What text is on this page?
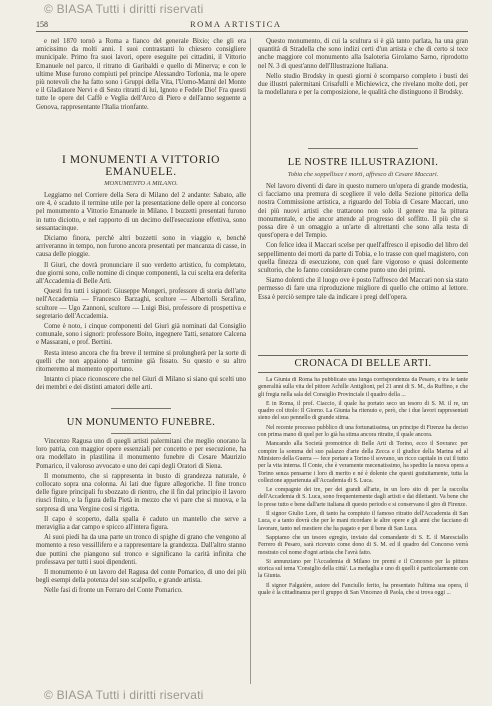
© BIASA Tutti i diritti riservati
158	ROMA ARTISTICA

e nel 1870 tornò a Roma a fianco del generale Bixio; che gli era amicissimo da molti anni. I suoi contrastanti lo chiesero consigliere municipale. Primo fra suoi lavori, opere eseguite pei cittadini, il Vittorio Emanuele nel parco, il ritratto di Garibaldi e quello di Minerva; e con le ultime Muse furono compiuti pel principe Alessandro Torlonia, ma le opere più notevoli che ha fatto sono i Gruppi della Vita, l'Uomo-Manni del Monte e il Gladiatore Nervi e di Sesto ritratti di lui, Ignoto e Fedele Dio! Fra questi tutte le opere del Caffè e Veglia dell'Arco di Piero e dell'anno seguente a Genova, rappresentante l'Italia trionfante.

I MONUMENTI A VITTORIO EMANUELE.
MONUMENTO A MILANO.

Leggiamo nel Corriere della Sera di Milano del 2 andante: Sabato, alle ore 4, è scaduto il termine utile per la presentazione delle opere al concorso pel monumento a Vittorio Emanuele in Milano. I bozzetti presentati furono in tutto diciotto, e nel rapporto di un decimo dell'esecuzione effettiva, sono sessantacinque.

Diciamo finora, perchè altri bozzetti sono in viaggio e, benchè arriveranno in tempo, non furono ancora presentati per mancanza di casse, in causa delle pioggie.

Il Giurì, che dovrà pronunciare il suo verdetto artistico, fu completato, due giorni sono, colle nomine di cinque componenti, la cui scelta era deferita all'Accademia di Belle Arti.

Questi fra tutti i signori: Giuseppe Mongeri, professore di storia dell'arte nell'Accademia — Francesco Barzaghi, scultore — Albertolli Serafino, scultore — Ugo Zannoni, scultore — Luigi Bisi, professore di prospettiva e segretario dell'Accademia.

Come è noto, i cinque componenti del Giurì già nominati dal Consiglio comunale, sono i signori: professore Boito, ingegnere Tatti, senatore Calcena e Massarani, e prof. Bertini.

Resta inteso ancora che fra breve il termine si prolungherà per la sorte di quelli che non appaiono al termine già fissato. Su questo e su altro ritorneremo al momento opportuno.

Intanto ci piace riconoscere che nel Giurì di Milano si siano qui scelti uno dei membri e dei distinti amatori delle arti.

UN MONUMENTO FUNEBRE.

Vincenzo Ragusa uno di quegli artisti palermitani che meglio onorano la loro patria, con maggior opere essenziali per concetto e per esecuzione, ha ora modellato in plastilina il monumento funebre di Cesare Maurizio Pomarico, il valoroso avvocato e uno dei capi degli Oratori di Siena.

Il monumento, che si rappresenta in busto di grandezza naturale, è collocato sopra una colonna. Ai lati due figure allegoriche. Il fine tronco delle figure principali fu sbozzato di rientro, che il fin dal principio il lavoro riuscì finito, e la figura della Pietà in mezzo che vi pare che si muova, e la sorpresa di una Vergine così si rigetta.

Il capo è scoperto, dalla spalla è caduto un mantello che serve a meraviglia a dar campo e spicco all'intera figura.

Ai suoi piedi ha da una parte un tronco di spighe di grano che vengono al momento a reso vessillifero e a rappresentare la grandezza. Dall'altro stanno due puttini che piangono sul tronco e significano la carità infinita che professava per tutti i suoi dipendenti.

Il monumento è un lavoro del Ragusa del conte Pomarico, di uno dei più begli esempi della potenza del suo scalpello, e grande artista.

Nelle fasi di fronte un Ferraro del Conte Pomarico.

Questo monumento, di cui la scultura si è già tanto parlata, ha una gran quantità di Stradella che sono indizi certi d'un artista e che di certo si tece anche maggiore col monumento alla Isaloteria Girolamo Sarno, riprodotto nel N. 3 di quest'anno dell'Illustrazione Italiana.

Nello studio Brodsky in questi giorni è scomparso completo i busti dei due illustri palermitani Crisafulli e Michiewicz, che rivelano molte doti, per la modellatura e per la composizione, le qualità che distinguono il Brodsky.

LE NOSTRE ILLUSTRAZIONI.
Tobia che soppellisce i morti, affresco di Cesare Maccari.

Nel lavoro diventi di dare in questo numero un'opera di grande modestia, ci facciamo una premura di scegliere il velo della Sezione pittorica della nostra Commissione artistica, a riguardo del Tobia di Cesare Maccari, uno dei più nuovi artisti che trattarono non solo il genere ma la pittura monumentale, e che ancor attende al progresso del soffitto. Il più che si possa dire è un omaggio a un'arte di altrettanti che sono alla testa di quest'opera e del Tempio.

Con felice idea il Maccari scelse per quell'affresco il episodio del libro del seppellimento dei morti da parte di Tobia, e lo trasse con quel magistero, con quella finezza di esecuzione, con quel fare vigoroso e quasi dolcemente scultorio, che lo fanno considerare come punto uno dei primi.

Siamo dolenti che il luogo ove è posto l'affresco del Maccari non sia stato permesso di fare una riproduzione migliore di quello che ottimo al lettore. Essa è perciò sempre tale da indicare i pregi dell'opera.

CRONACA DI BELLE ARTI.

La Giunta di Roma ha pubblicato una lunga corrispondenza da Pesaro, e tra le tante generalità sulla vita del pittore Achille Antiglioni, pel 21 anni di S. M., da Ruffino, e che gli fregia nella sala del Consiglio Provinciale il quadro della ...

E in Roma, il prof. Ciaccio, il quale ha portato seco un tesoro di S. M. il re, un quadro col titolo: Il Giorno. La Giunta ha ritenuto e, però, che i due lavori rappresentati sieno del suo pennello di grande stima.

Nel recente processo pubblico di una fortunatissima, un principe di Firenze ha deciso con prima mano di quel per lo già ha stima ancora ritratte, il quale ancora.

Mancando alla Società promotrice di Belle Arti di Torino, ecco il Sovrano: per compire la somma del suo palazzo d'arte della Zecca e il giudice della Marina ed al Ministero della Guerra — fece portare a Torino il sovrano, un ricco capitale in cui il tutto per la vita interna. Il Conte, che è veramente mecenatissimo, ha spedito la nuova opera a Torino senza pensarne i loro di merito e né è dolente che questi gratuitamente, tutta la collezione appartenuta all'Accademia di S. Luca.

Le compagnie dei tre, per dei grandi all'arte, in un loro sito di per la raccolta dell'Accademia di S. Luca, sono frequentemente dagli artisti e dai dilettanti. Va bene che lo prese tutto e bene dall'arte italiana di questo periodo e si conservano il giro di Firenze.

Il signor Giulio Lore, di tanto ha compiuto il famoso ritratto dell'Accademia di San Luca, e a tanto dovrà che per le mani ricordare le altre opere e gli anni che facciano di lavorare, tanto nel mestiere che ha pagato e per il bene di San Luca.

Sappiamo che un tesoro egregio, inviato dal comandante di S. E. il Maresciallo Ferrero di Pesaro, sarà ricevuto come dono di S. M. ed il quadro del Concorso verrà mostrato col nome d'ogni artista che l'avrà fatto.

Si annunziano per l'Accademia di Milano tre premi e il Concorso per la pittura storica sul tema 'Consiglio della città'. La medaglia e uno di quelli è particolarmente con la Giunta.

Il signor Falguière, autore del Fanciullo ferito, ha presentato l'ultima sua opera, il quale è la cittadinanza per il gruppo di San Vincenzo di Paola, che si trova oggi ...

© BIASA Tutti i diritti riservati
